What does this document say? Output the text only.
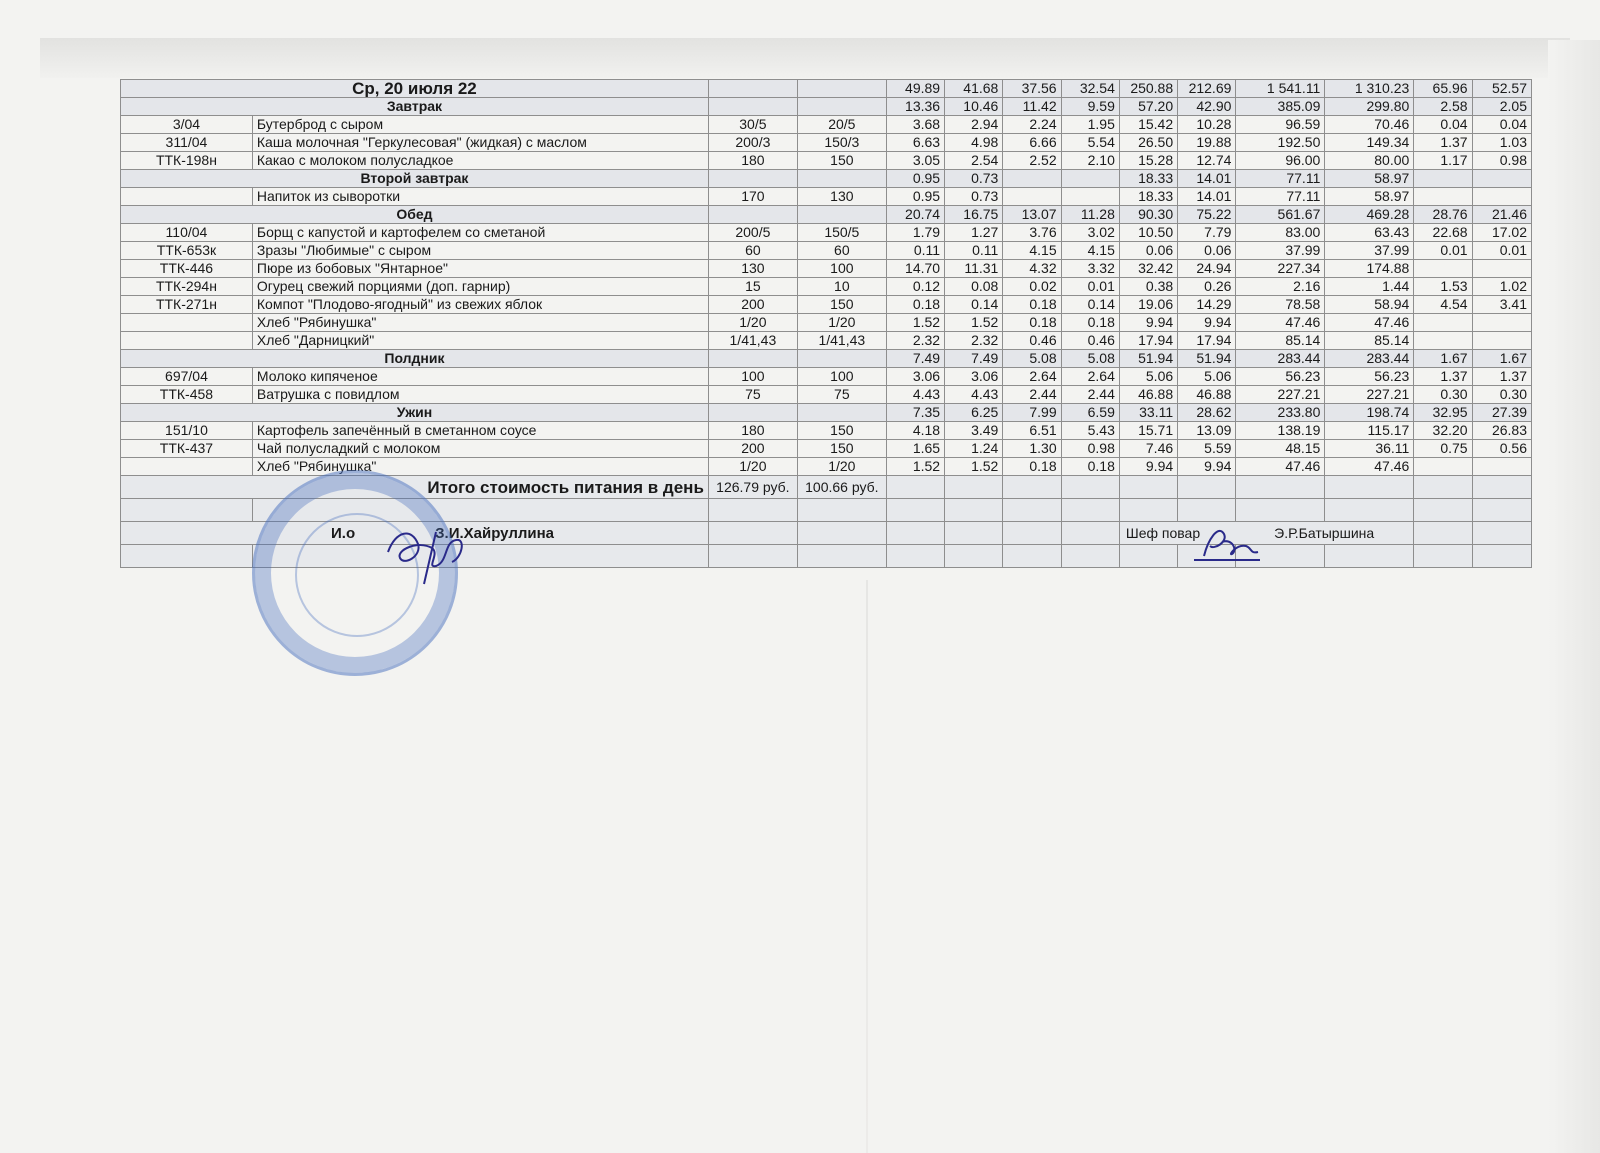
Ср, 20 июля 22				49.89	41.68	37.56	32.54	250.88	212.69	1 541.11	1 310.23	65.96	52.57
Завтрак				13.36	10.46	11.42	9.59	57.20	42.90	385.09	299.80	2.58	2.05
3/04	Бутерброд с сыром	30/5	20/5	3.68	2.94	2.24	1.95	15.42	10.28	96.59	70.46	0.04	0.04
311/04	Каша молочная "Геркулесовая" (жидкая) с маслом	200/3	150/3	6.63	4.98	6.66	5.54	26.50	19.88	192.50	149.34	1.37	1.03
ТТК-198н	Какао с молоком полусладкое	180	150	3.05	2.54	2.52	2.10	15.28	12.74	96.00	80.00	1.17	0.98
Второй завтрак				0.95	0.73			18.33	14.01	77.11	58.97		
	Напиток из сыворотки	170	130	0.95	0.73			18.33	14.01	77.11	58.97		
Обед				20.74	16.75	13.07	11.28	90.30	75.22	561.67	469.28	28.76	21.46
110/04	Борщ с капустой и картофелем со сметаной	200/5	150/5	1.79	1.27	3.76	3.02	10.50	7.79	83.00	63.43	22.68	17.02
ТТК-653к	Зразы "Любимые" с сыром	60	60	0.11	0.11	4.15	4.15	0.06	0.06	37.99	37.99	0.01	0.01
ТТК-446	Пюре из бобовых "Янтарное"	130	100	14.70	11.31	4.32	3.32	32.42	24.94	227.34	174.88		
ТТК-294н	Огурец свежий порциями (доп. гарнир)	15	10	0.12	0.08	0.02	0.01	0.38	0.26	2.16	1.44	1.53	1.02
ТТК-271н	Компот "Плодово-ягодный" из свежих яблок	200	150	0.18	0.14	0.18	0.14	19.06	14.29	78.58	58.94	4.54	3.41
	Хлеб "Рябинушка"	1/20	1/20	1.52	1.52	0.18	0.18	9.94	9.94	47.46	47.46		
	Хлеб "Дарницкий"	1/41,43	1/41,43	2.32	2.32	0.46	0.46	17.94	17.94	85.14	85.14		
Полдник				7.49	7.49	5.08	5.08	51.94	51.94	283.44	283.44	1.67	1.67
697/04	Молоко кипяченое	100	100	3.06	3.06	2.64	2.64	5.06	5.06	56.23	56.23	1.37	1.37
ТТК-458	Ватрушка с повидлом	75	75	4.43	4.43	2.44	2.44	46.88	46.88	227.21	227.21	0.30	0.30
Ужин				7.35	6.25	7.99	6.59	33.11	28.62	233.80	198.74	32.95	27.39
151/10	Картофель запечённый в сметанном соусе	180	150	4.18	3.49	6.51	5.43	15.71	13.09	138.19	115.17	32.20	26.83
ТТК-437	Чай полусладкий с молоком	200	150	1.65	1.24	1.30	0.98	7.46	5.59	48.15	36.11	0.75	0.56
	Хлеб "Рябинушка"	1/20	1/20	1.52	1.52	0.18	0.18	9.94	9.94	47.46	47.46		
Итого стоимость питания в день		126.79 руб.	100.66 руб.										

И.о З.И.Хайруллина								Шеф повар Э.Р.Батыршина					
